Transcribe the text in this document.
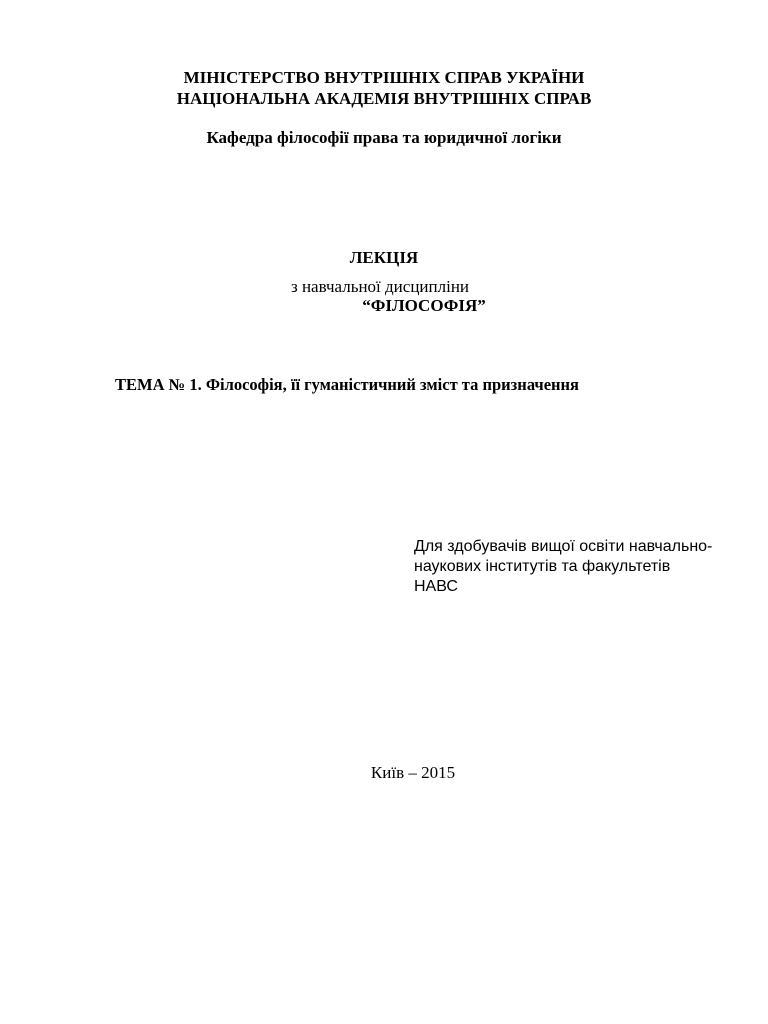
МІНІСТЕРСТВО ВНУТРІШНІХ СПРАВ УКРАЇНИ
НАЦІОНАЛЬНА АКАДЕМІЯ ВНУТРІШНІХ СПРАВ
Кафедра філософії права та юридичної логіки
ЛЕКЦІЯ
з навчальної дисципліни
“ФІЛОСОФІЯ”
ТЕМА № 1. Філософія, її гуманістичний зміст та призначення
Для здобувачів вищої освіти навчально-
наукових інститутів та факультетів
НАВС
Київ – 2015
